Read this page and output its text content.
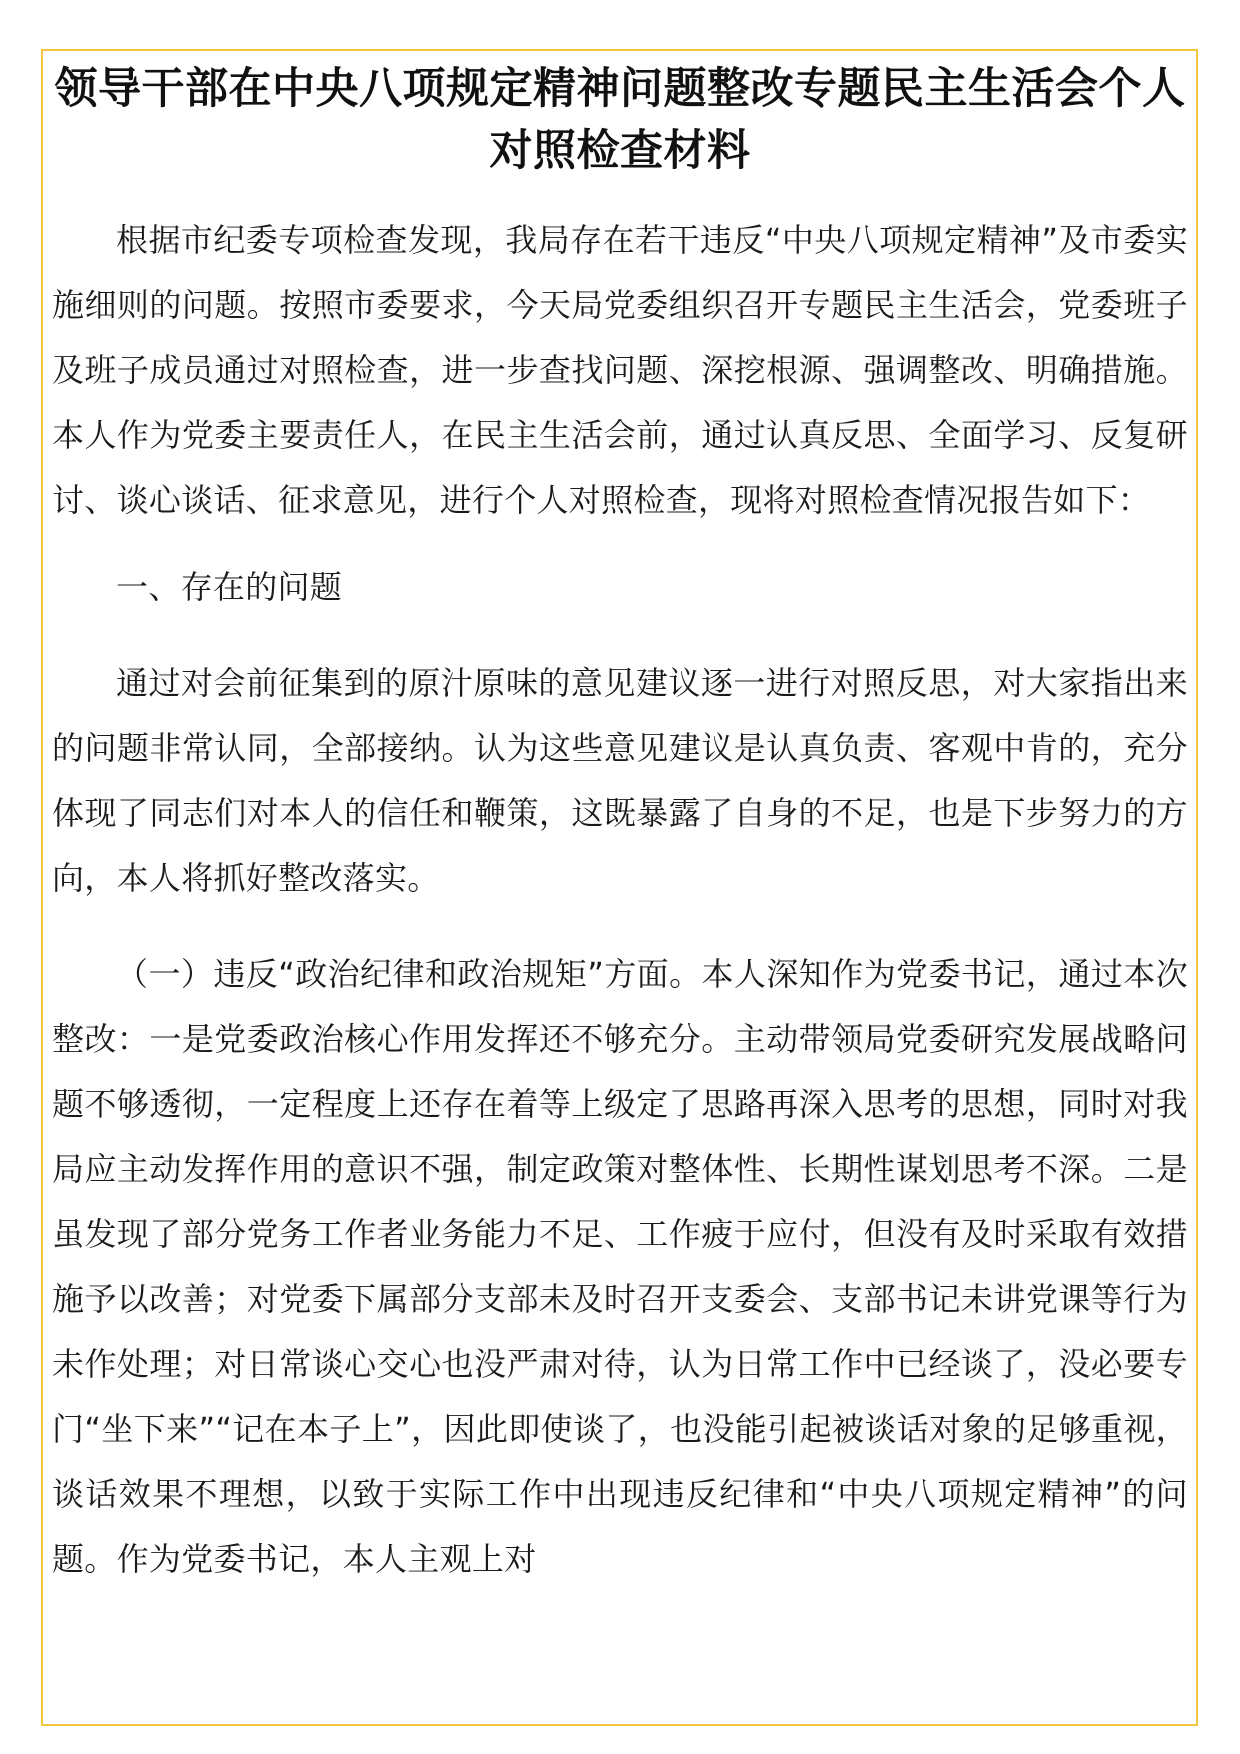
领导干部在中央八项规定精神问题整改专题民主生活会个人对照检查材料

根据市纪委专项检查发现，我局存在若干违反“中央八项规定精神”及市委实施细则的问题。按照市委要求，今天局党委组织召开专题民主生活会，党委班子及班子成员通过对照检查，进一步查找问题、深挖根源、强调整改、明确措施。本人作为党委主要责任人，在民主生活会前，通过认真反思、全面学习、反复研讨、谈心谈话、征求意见，进行个人对照检查，现将对照检查情况报告如下：

一、存在的问题

通过对会前征集到的原汁原味的意见建议逐一进行对照反思，对大家指出来的问题非常认同，全部接纳。认为这些意见建议是认真负责、客观中肯的，充分体现了同志们对本人的信任和鞭策，这既暴露了自身的不足，也是下步努力的方向，本人将抓好整改落实。

（一）违反“政治纪律和政治规矩”方面。本人深知作为党委书记，通过本次整改：一是党委政治核心作用发挥还不够充分。主动带领局党委研究发展战略问题不够透彻，一定程度上还存在着等上级定了思路再深入思考的思想，同时对我局应主动发挥作用的意识不强，制定政策对整体性、长期性谋划思考不深。二是虽发现了部分党务工作者业务能力不足、工作疲于应付，但没有及时采取有效措施予以改善；对党委下属部分支部未及时召开支委会、支部书记未讲党课等行为未作处理；对日常谈心交心也没严肃对待，认为日常工作中已经谈了，没必要专门“坐下来”“记在本子上”，因此即使谈了，也没能引起被谈话对象的足够重视，谈话效果不理想，以致于实际工作中出现违反纪律和“中央八项规定精神”的问题。作为党委书记，本人主观上对
